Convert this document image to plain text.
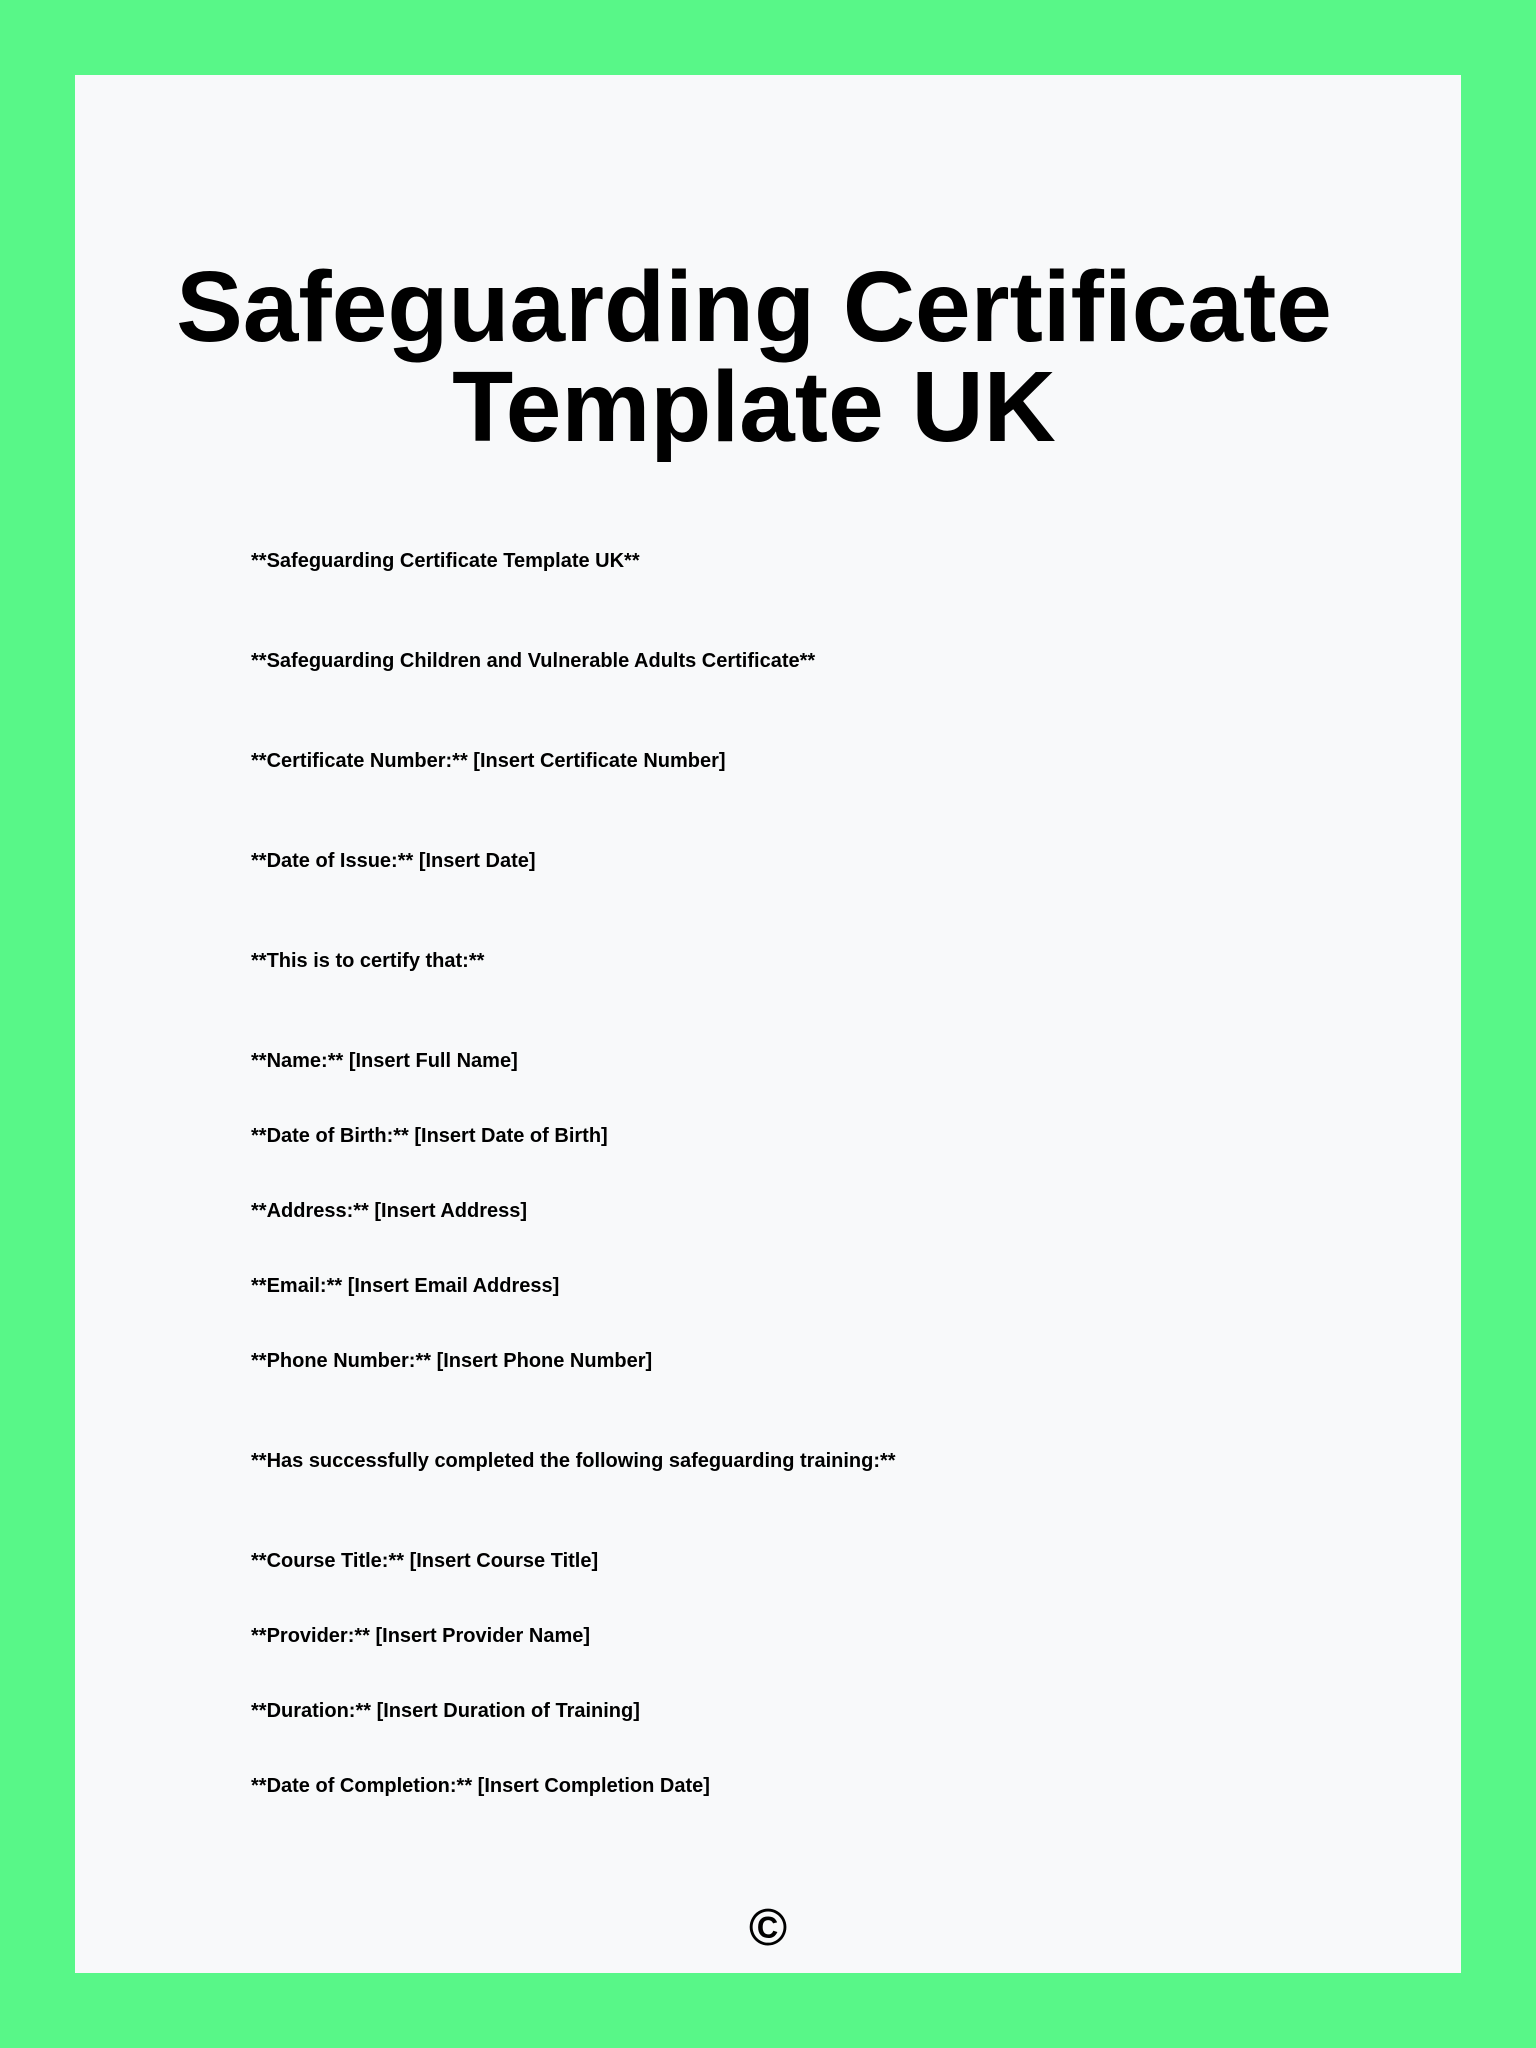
Safeguarding Certificate
Template UK
**Safeguarding Certificate Template UK**
**Safeguarding Children and Vulnerable Adults Certificate**
**Certificate Number:** [Insert Certificate Number]
**Date of Issue:** [Insert Date]
**This is to certify that:**
**Name:** [Insert Full Name]
**Date of Birth:** [Insert Date of Birth]
**Address:** [Insert Address]
**Email:** [Insert Email Address]
**Phone Number:** [Insert Phone Number]
**Has successfully completed the following safeguarding training:**
**Course Title:** [Insert Course Title]
**Provider:** [Insert Provider Name]
**Duration:** [Insert Duration of Training]
**Date of Completion:** [Insert Completion Date]
©
